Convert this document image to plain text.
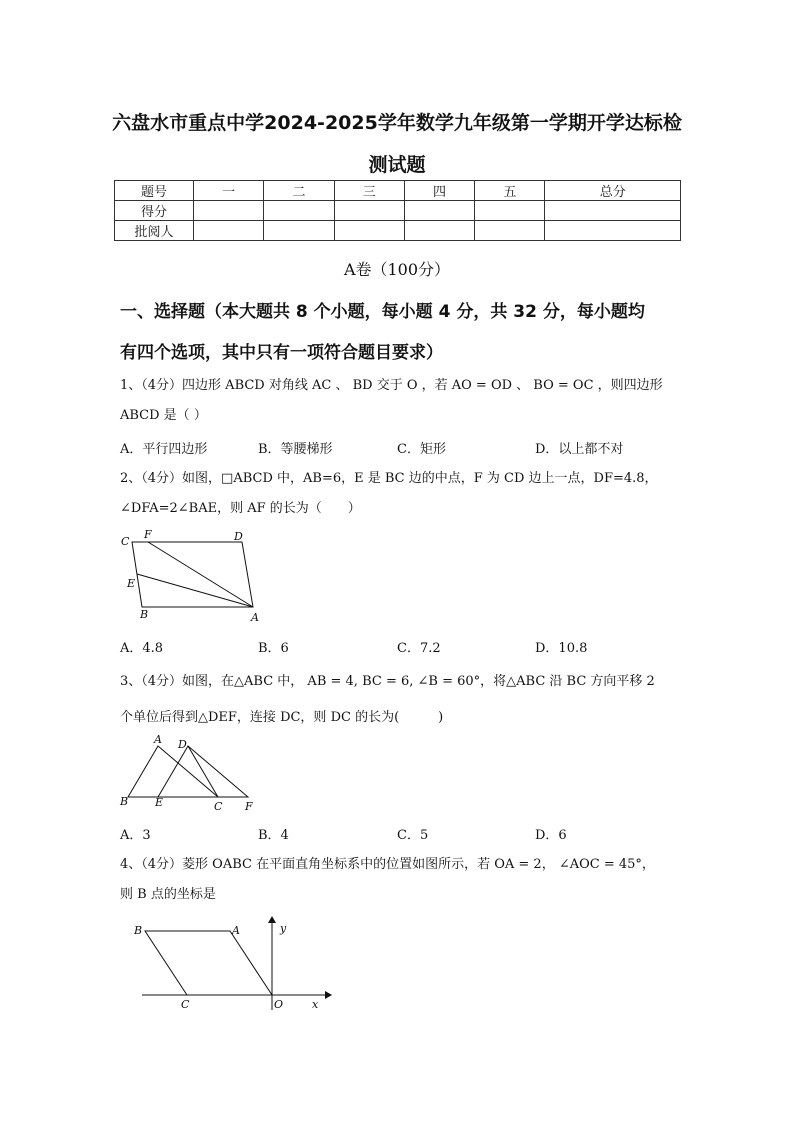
六盘水市重点中学2024-2025学年数学九年级第一学期开学达标检
测试题
题号	一	二	三	四	五	总分
得分						
批阅人						
A卷（100分）
一、选择题（本大题共 8 个小题，每小题 4 分，共 32 分，每小题均
有四个选项，其中只有一项符合题目要求）
1、（4分）四边形 ABCD 对角线 AC 、 BD 交于 O ，若 AO = OD 、 BO = OC ，则四边形
ABCD 是（ ）
A．平行四边形	B．等腰梯形	C．矩形	D．以上都不对
2、（4分）如图，□ABCD 中，AB=6，E 是 BC 边的中点，F 为 CD 边上一点，DF=4.8，
∠DFA=2∠BAE，则 AF 的长为（　　）
C
F	D
E
B	A
A．4.8	B．6	C．7.2	D．10.8
3、（4分）如图，在△ABC 中， AB = 4, BC = 6, ∠B = 60°，将△ABC 沿 BC 方向平移 2
个单位后得到△DEF，连接 DC，则 DC 的长为(　　　)
A D
B E	C F
A．3	B．4	C．5	D．6
4、（4分）菱形 OABC 在平面直角坐标系中的位置如图所示，若 OA = 2， ∠AOC = 45°，
则 B 点的坐标是
B	A	y
C	O	x
